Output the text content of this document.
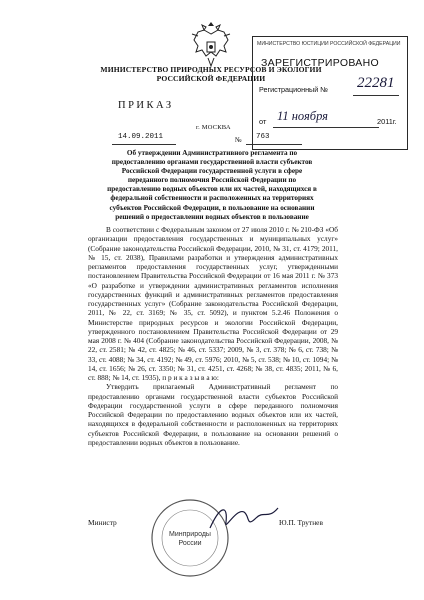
МИНИСТЕРСТВО ПРИРОДНЫХ РЕСУРСОВ И ЭКОЛОГИИ РОССИЙСКОЙ ФЕДЕРАЦИИ
ПРИКАЗ
г. МОСКВА
14.09.2011	№ 763
МИНИСТЕРСТВО ЮСТИЦИИ РОССИЙСКОЙ ФЕДЕРАЦИИ
ЗАРЕГИСТРИРОВАНО
Регистрационный № 22281
от 11 ноября	2011г.
Об утверждении Административного регламента по предоставлению органами государственной власти субъектов Российской Федерации государственной услуги в сфере переданного полномочия Российской Федерации по предоставлению водных объектов или их частей, находящихся в федеральной собственности и расположенных на территориях субъектов Российской Федерации, в пользование на основании решений о предоставлении водных объектов в пользование

В соответствии с Федеральным законом от 27 июля 2010 г. № 210-ФЗ «Об организации предоставления государственных и муниципальных услуг» (Собрание законодательства Российской Федерации, 2010, № 31, ст. 4179; 2011, № 15, ст. 2038), Правилами разработки и утверждения административных регламентов предоставления государственных услуг, утвержденными постановлением Правительства Российской Федерации от 16 мая 2011 г. № 373 «О разработке и утверждении административных регламентов исполнения государственных функций и административных регламентов предоставления государственных услуг» (Собрание законодательства Российской Федерации, 2011, № 22, ст. 3169; № 35, ст. 5092), и пунктом 5.2.46 Положения о Министерстве природных ресурсов и экологии Российской Федерации, утвержденного постановлением Правительства Российской Федерации от 29 мая 2008 г. № 404 (Собрание законодательства Российской Федерации, 2008, № 22, ст. 2581; № 42, ст. 4825; № 46, ст. 5337; 2009, № 3, ст. 378; № 6, ст. 738; № 33, ст. 4088; № 34, ст. 4192; № 49, ст. 5976; 2010, № 5, ст. 538; № 10, ст. 1094; № 14, ст. 1656; № 26, ст. 3350; № 31, ст. 4251, ст. 4268; № 38, ст. 4835; 2011, № 6, ст. 888; № 14, ст. 1935), п р и к а з ы в а ю:

Утвердить прилагаемый Административный регламент по предоставлению органами государственной власти субъектов Российской Федерации государственной услуги в сфере переданного полномочия Российской Федерации по предоставлению водных объектов или их частей, находящихся в федеральной собственности и расположенных на территориях субъектов Российской Федерации, в пользование на основании решений о предоставлении водных объектов в пользование.

Министр
Минприроды
России
Ю.П. Трутнев
